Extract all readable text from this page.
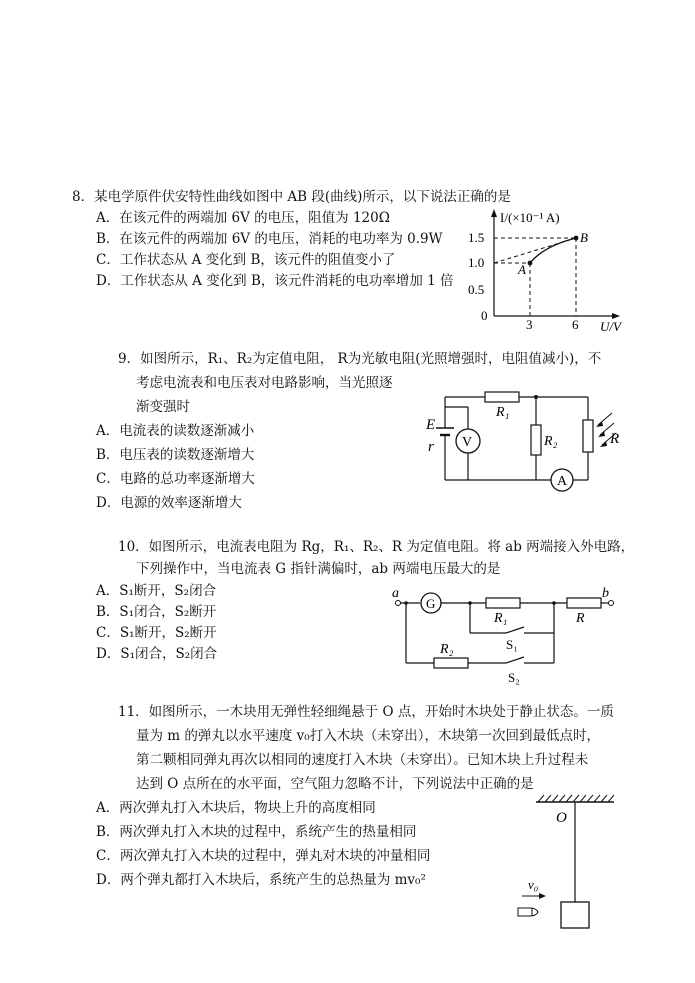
8．某电学原件伏安特性曲线如图中 AB 段(曲线)所示，以下说法正确的是
A．在该元件的两端加 6V 的电压，阻值为 120Ω
B．在该元件的两端加 6V 的电压，消耗的电功率为 0.9W
C．工作状态从 A 变化到 B，该元件的阻值变小了
D．工作状态从 A 变化到 B，该元件消耗的电功率增加 1 倍
I/(×10⁻¹ A)
1.5
1.0
0.5
0
3	6 U/V
A
B
9．如图所示，R₁、R₂为定值电阻， R为光敏电阻(光照增强时，电阻值减小)，不
考虑电流表和电压表对电路影响，当光照逐
渐变强时
A．电流表的读数逐渐减小
B．电压表的读数逐渐增大
C．电路的总功率逐渐增大
D．电源的效率逐渐增大
E
r V
R₁
R₂
A
R
10．如图所示，电流表电阻为 Rg，R₁、R₂、R 为定值电阻。将 ab 两端接入外电路，
下列操作中，当电流表 G 指针满偏时，ab 两端电压最大的是
A．S₁断开，S₂闭合
B．S₁闭合，S₂断开
C．S₁断开，S₂断开
D．S₁闭合，S₂闭合
a
G
R₁	R
b
S₁
R₂
S₂
11．如图所示，一木块用无弹性轻细绳悬于 O 点，开始时木块处于静止状态。一质
量为 m 的弹丸以水平速度 v₀打入木块（未穿出），木块第一次回到最低点时，
第二颗相同弹丸再次以相同的速度打入木块（未穿出）。已知木块上升过程未
达到 O 点所在的水平面，空气阻力忽略不计，下列说法中正确的是
A．两次弹丸打入木块后，物块上升的高度相同
B．两次弹丸打入木块的过程中，系统产生的热量相同
C．两次弹丸打入木块的过程中，弹丸对木块的冲量相同
D．两个弹丸都打入木块后，系统产生的总热量为 mv₀²
O
v₀
